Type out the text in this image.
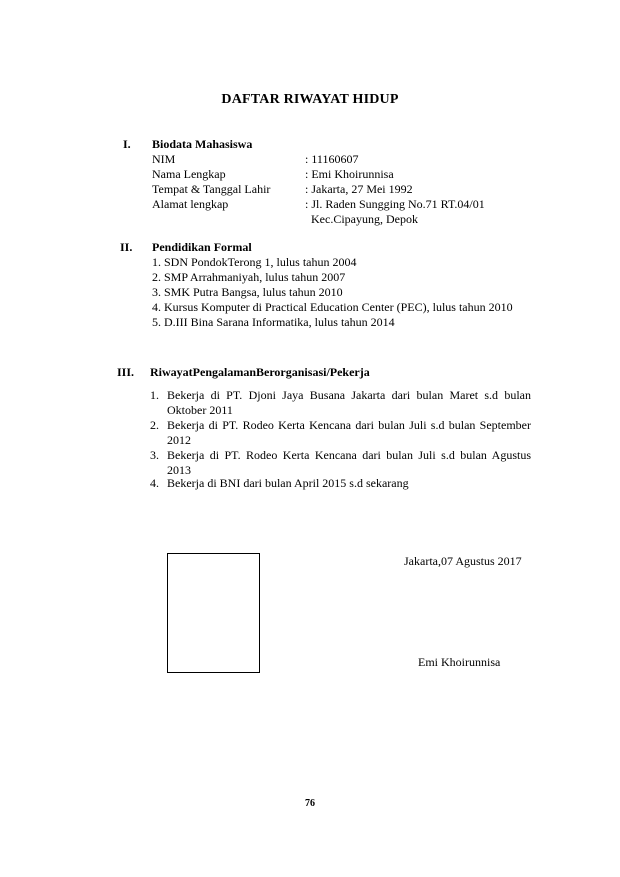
DAFTAR RIWAYAT HIDUP
I. Biodata Mahasiswa
NIM	: 11160607
Nama Lengkap	: Emi Khoirunnisa
Tempat & Tanggal Lahir	: Jakarta, 27 Mei 1992
Alamat lengkap	: Jl. Raden Sungging No.71 RT.04/01
Kec.Cipayung, Depok
II. Pendidikan Formal
1. SDN PondokTerong 1, lulus tahun 2004
2. SMP Arrahmaniyah, lulus tahun 2007
3. SMK Putra Bangsa, lulus tahun 2010
4. Kursus Komputer di Practical Education Center (PEC), lulus tahun 2010
5. D.III Bina Sarana Informatika, lulus tahun 2014
III. RiwayatPengalamanBerorganisasi/Pekerja
1. Bekerja di PT. Djoni Jaya Busana Jakarta dari bulan Maret s.d bulan Oktober 2011
2. Bekerja di PT. Rodeo Kerta Kencana dari bulan Juli s.d bulan September 2012
3. Bekerja di PT. Rodeo Kerta Kencana dari bulan Juli s.d bulan Agustus 2013
4. Bekerja di BNI dari bulan April 2015 s.d sekarang
Jakarta,07 Agustus 2017
Emi Khoirunnisa
76
